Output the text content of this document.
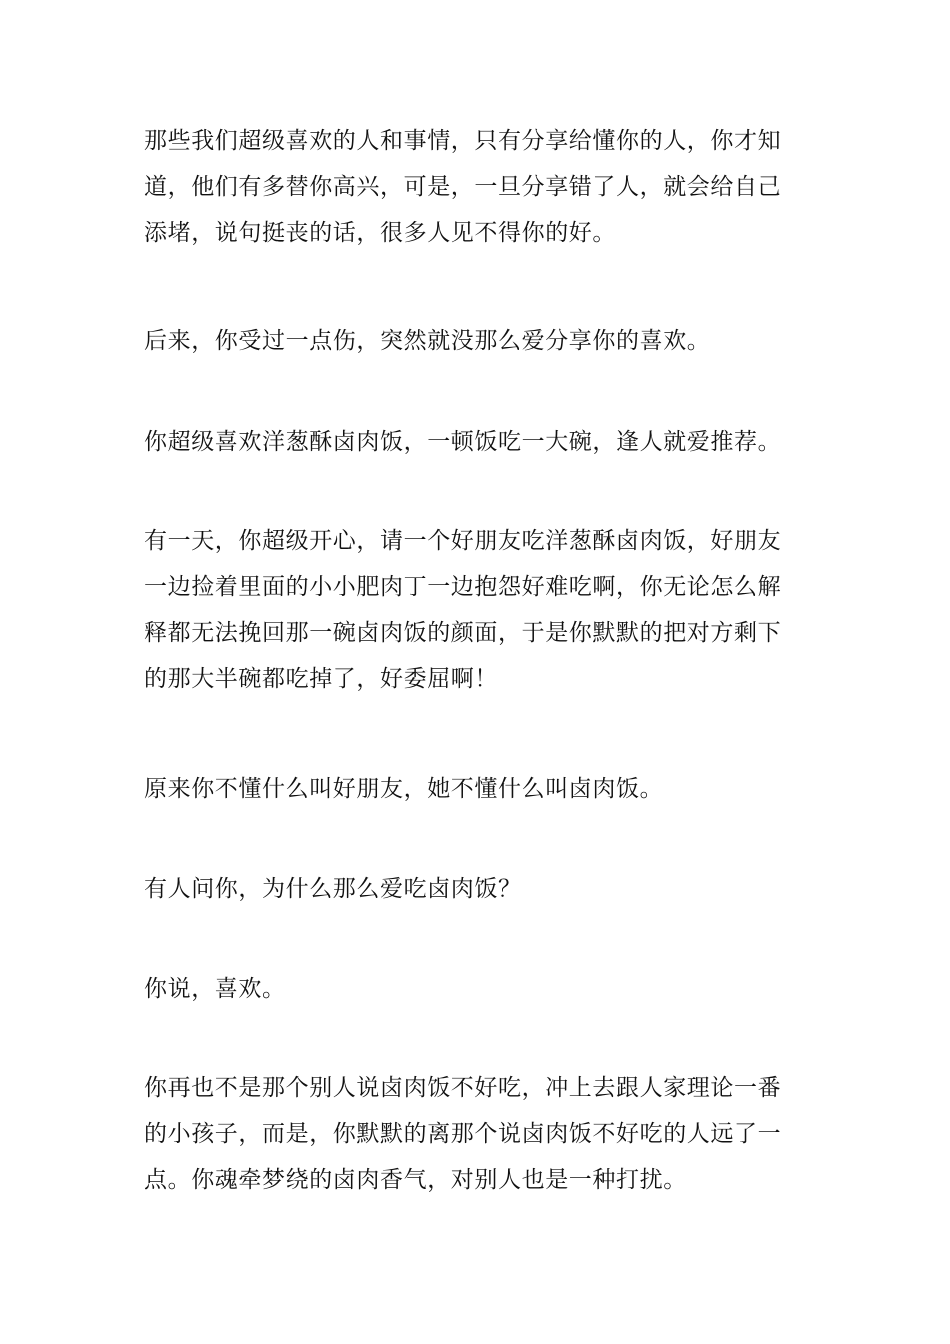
那些我们超级喜欢的人和事情，只有分享给懂你的人，你才知
道，他们有多替你高兴，可是，一旦分享错了人，就会给自己
添堵，说句挺丧的话，很多人见不得你的好。

后来，你受过一点伤，突然就没那么爱分享你的喜欢。

你超级喜欢洋葱酥卤肉饭，一顿饭吃一大碗，逢人就爱推荐。

有一天，你超级开心，请一个好朋友吃洋葱酥卤肉饭，好朋友
一边捡着里面的小小肥肉丁一边抱怨好难吃啊，你无论怎么解
释都无法挽回那一碗卤肉饭的颜面，于是你默默的把对方剩下
的那大半碗都吃掉了，好委屈啊！

原来你不懂什么叫好朋友，她不懂什么叫卤肉饭。

有人问你，为什么那么爱吃卤肉饭？

你说，喜欢。

你再也不是那个别人说卤肉饭不好吃，冲上去跟人家理论一番
的小孩子，而是，你默默的离那个说卤肉饭不好吃的人远了一
点。你魂牵梦绕的卤肉香气，对别人也是一种打扰。
